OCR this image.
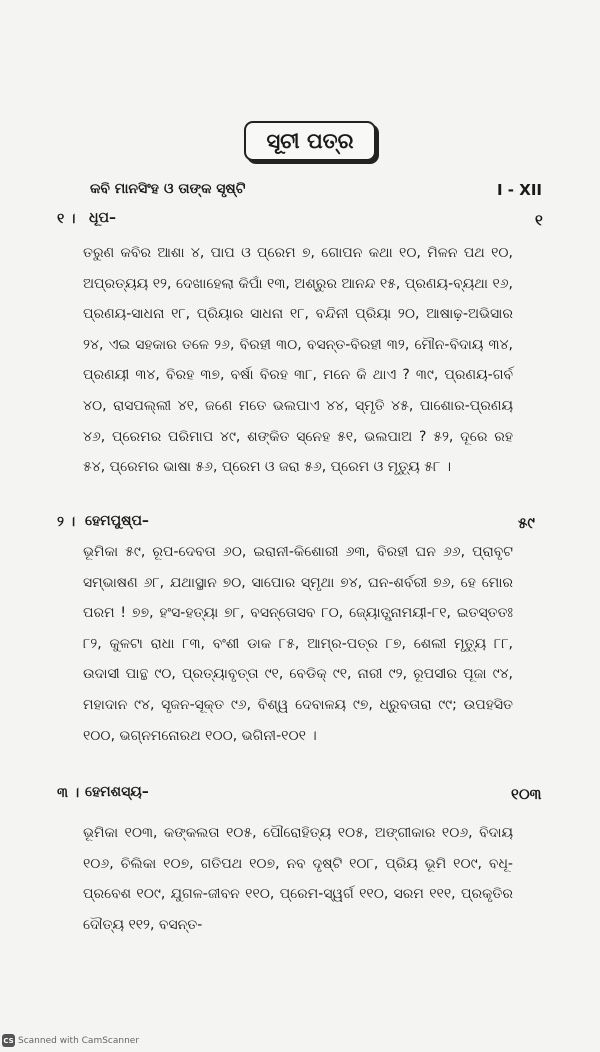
ସୂଚୀ ପତ୍ର
କବି ମାନସିଂହ ଓ ତାଙ୍କ ସୃଷ୍ଟି	I - XII
୧ । ଧୂପ–	୧
ତରୁଣ କବିର ଆଶା ୪, ପାପ ଓ ପ୍ରେମ ୭, ଗୋପନ କଥା ୧୦, ମିଳନ ପଥ ୧୦, ଅପ୍ରତ୍ୟୟ ୧୨, ଦେଖାହେଲା କିପାଁ ୧୩, ଅଶ୍ରୁର ଆନନ୍ଦ ୧୫, ପ୍ରଣୟ-ବ୍ୟଥା ୧୬, ପ୍ରଣୟ-ସାଧନା ୧୮, ପ୍ରିୟାର ସାଧନା ୧୮, ବନ୍ଦିନୀ ପ୍ରିୟା ୨୦, ଆଷାଢ଼-ଅଭିସାର ୨୪, ଏଇ ସହକାର ତଳେ ୨୬, ବିରହୀ ୩୦, ବସନ୍ତ-ବିରହୀ ୩୨, ମୌନ-ବିଦାୟ ୩୪, ପ୍ରଣୟୀ ୩୪, ବିରହ ୩୭, ବର୍ଷା ବିରହ ୩୮, ମନେ କି ଥାଏ ? ୩୯, ପ୍ରଣୟ-ଗର୍ବ ୪୦, ରାସପଲ୍ଲୀ ୪୧, ଜଣେ ମତେ ଭଲପାଏ ୪୪, ସ୍ମୃତି ୪୫, ପାଶୋର-ପ୍ରଣୟ ୪୬, ପ୍ରେମର ପରିମାପ ୪୯, ଶଙ୍କିତ ସ୍ନେହ ୫୧, ଭଲପାଅ ? ୫୨, ଦୂରେ ରହ ୫୪, ପ୍ରେମର ଭାଷା ୫୬, ପ୍ରେମ ଓ ଜରା ୫୬, ପ୍ରେମ ଓ ମୃତ୍ୟୁ ୫୮ ।
୨ । ହେମପୁଷ୍ପ–	୫୯
ଭୂମିକା ୫୯, ରୂପ-ଦେବତା ୬୦, ଇରାନୀ-କିଶୋରୀ ୬୩, ବିରହୀ ଘନ ୬୬, ପ୍ରାବୃଟ ସମ୍ଭାଷଣ ୬୮, ଯଥାସ୍ଥାନ ୭୦, ସାପୋର ସ୍ମୃଥା ୭୪, ଘନ-ଶର୍ବରୀ ୭୬, ହେ ମୋର ପରମ ! ୭୭, ହଂସ-ହତ୍ୟା ୭୮, ବସନ୍ତୋସବ ୮୦, ଜ୍ୟୋତ୍ସ୍ନାମୟୀ-୮୧, ଇତସ୍ତତଃ ୮୨, କୁଳଟା ରାଧା ୮୩, ବଂଶୀ ଡାକ ୮୫, ଆମ୍ର-ପତ୍ର ୮୭, ଶେଲୀ ମୃତ୍ୟୁ ୮୮, ଉଦାସୀ ପାନ୍ଥ ୯୦, ପ୍ରତ୍ୟାବୃତ୍ତା ୯୧, ବେଡିକ୍ ୯୧, ନାରୀ ୯୨, ରୂପସୀର ପୂଜା ୯୪, ମହାଦାନ ୯୪, ସୃଜନ-ସୂକ୍ତ ୯୬, ବିଶ୍ୱ ଦେବାଳୟ ୯୭, ଧ୍ରୁବତାରା ୯୯; ଉପହସିତ ୧୦୦, ଭଗ୍ନମନୋରଥ ୧୦୦, ଭଗିନୀ-୧୦୧ ।
୩ । ହେମଶସ୍ୟ–	୧୦୩
ଭୂମିକା ୧୦୩, କଙ୍କଲତା ୧୦୫, ପୌରୋହିତ୍ୟ ୧୦୫, ଅଙ୍ଗୀକାର ୧୦୬, ବିଦାୟ ୧୦୬, ଚିଲିକା ୧୦୭, ଗତିପଥ ୧୦୭, ନବ ଦୃଷ୍ଟି ୧୦୮, ପ୍ରିୟ ଭୂମି ୧୦୯, ବଧୂ-ପ୍ରବେଶ ୧୦୯, ଯୁଗଳ-ଜୀବନ ୧୧୦, ପ୍ରେମ-ସ୍ୱର୍ଗ ୧୧୦, ସରମ ୧୧୧, ପ୍ରକୃତିର ଦୌତ୍ୟ ୧୧୨, ବସନ୍ତ-
CS Scanned with CamScanner
